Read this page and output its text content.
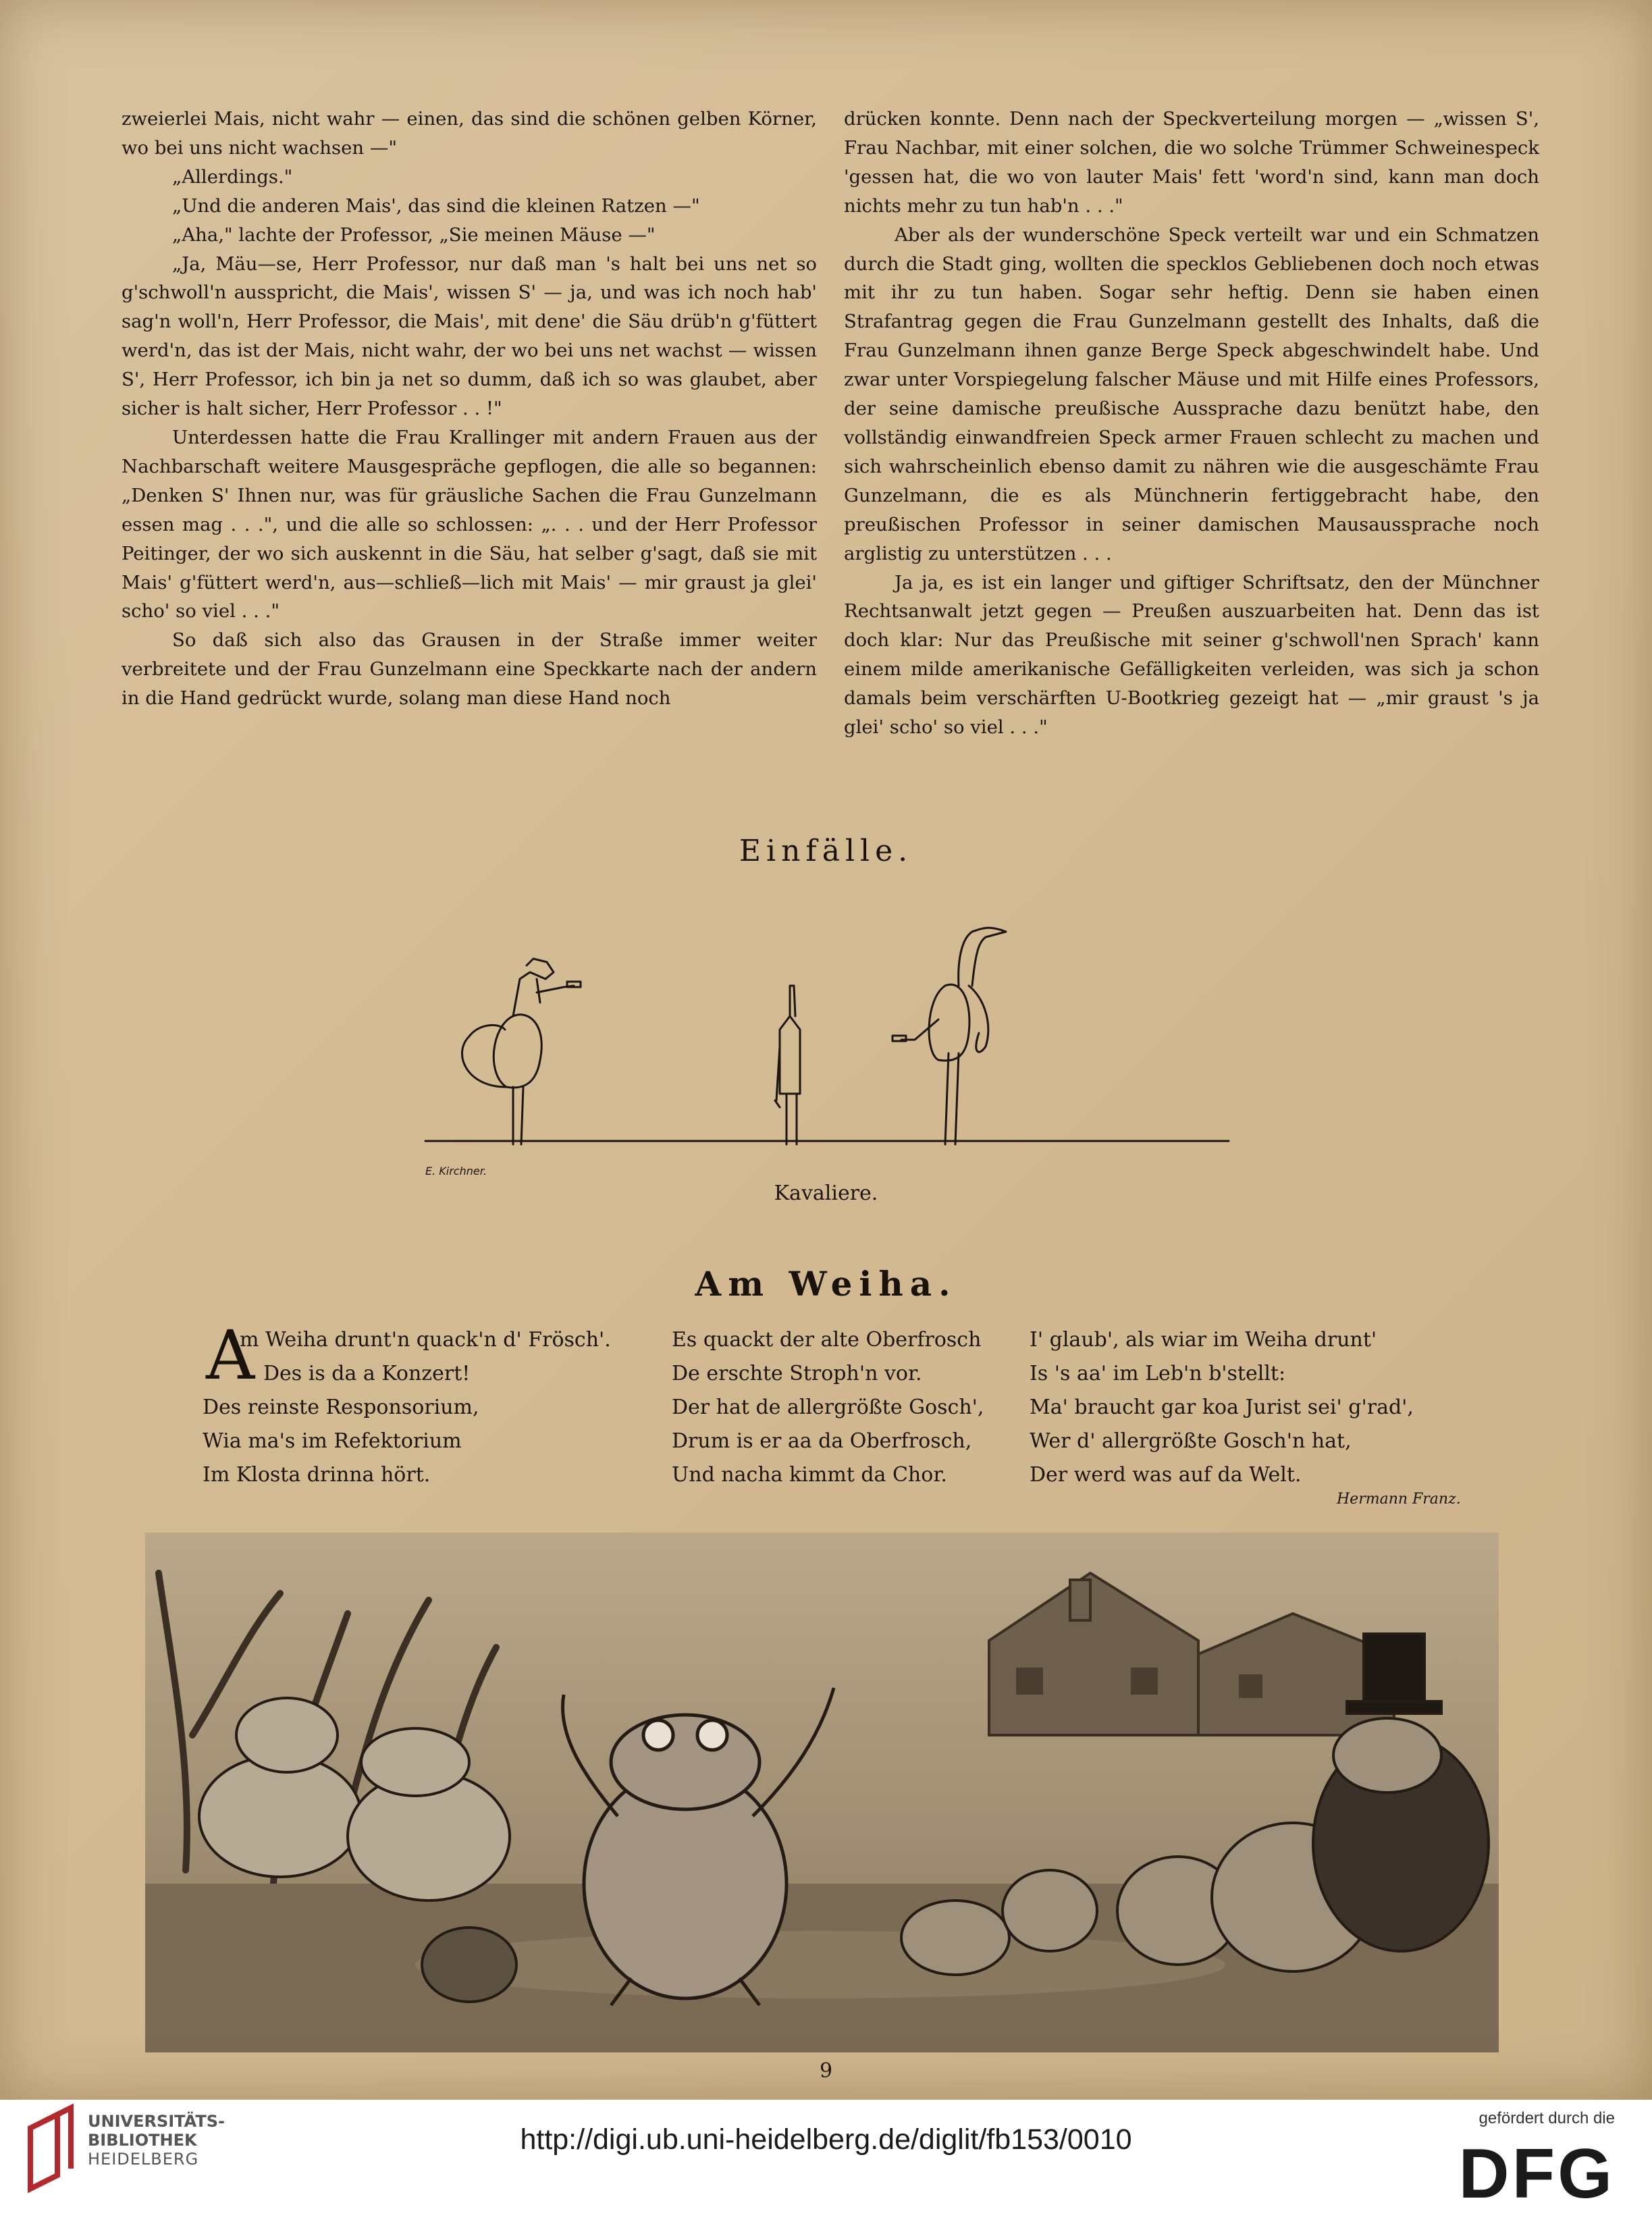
zweierlei Mais, nicht wahr — einen, das sind die schönen gelben Körner, wo bei uns nicht wachsen —"

„Allerdings."

„Und die anderen Mais', das sind die kleinen Ratzen —"

„Aha," lachte der Professor, „Sie meinen Mäuse —"

„Ja, Mäu—se, Herr Professor, nur daß man 's halt bei uns net so g'schwoll'n ausspricht, die Mais', wissen S' — ja, und was ich noch hab' sag'n woll'n, Herr Professor, die Mais', mit dene' die Säu drüb'n g'füttert werd'n, das ist der Mais, nicht wahr, der wo bei uns net wachst — wissen S', Herr Professor, ich bin ja net so dumm, daß ich so was glaubet, aber sicher is halt sicher, Herr Professor . . !"

Unterdessen hatte die Frau Krallinger mit andern Frauen aus der Nachbarschaft weitere Mausgespräche gepflogen, die alle so begannen: „Denken S' Ihnen nur, was für gräusliche Sachen die Frau Gunzelmann essen mag . . .", und die alle so schlossen: „. . . und der Herr Professor Peitinger, der wo sich auskennt in die Säu, hat selber g'sagt, daß sie mit Mais' g'füttert werd'n, aus—schließ—lich mit Mais' — mir graust ja glei' scho' so viel . . ."

So daß sich also das Grausen in der Straße immer weiter verbreitete und der Frau Gunzelmann eine Speckkarte nach der andern in die Hand gedrückt wurde, solang man diese Hand noch

drücken konnte. Denn nach der Speckverteilung morgen — „wissen S', Frau Nachbar, mit einer solchen, die wo solche Trümmer Schweinespeck 'gessen hat, die wo von lauter Mais' fett 'word'n sind, kann man doch nichts mehr zu tun hab'n . . ."

Aber als der wunderschöne Speck verteilt war und ein Schmatzen durch die Stadt ging, wollten die specklos Gebliebenen doch noch etwas mit ihr zu tun haben. Sogar sehr heftig. Denn sie haben einen Strafantrag gegen die Frau Gunzelmann gestellt des Inhalts, daß die Frau Gunzelmann ihnen ganze Berge Speck abgeschwindelt habe. Und zwar unter Vorspiegelung falscher Mäuse und mit Hilfe eines Professors, der seine damische preußische Aussprache dazu benützt habe, den vollständig einwandfreien Speck armer Frauen schlecht zu machen und sich wahrscheinlich ebenso damit zu nähren wie die ausgeschämte Frau Gunzelmann, die es als Münchnerin fertiggebracht habe, den preußischen Professor in seiner damischen Mausaussprache noch arglistig zu unterstützen . . .

Ja ja, es ist ein langer und giftiger Schriftsatz, den der Münchner Rechtsanwalt jetzt gegen — Preußen auszuarbeiten hat. Denn das ist doch klar: Nur das Preußische mit seiner g'schwoll'nen Sprach' kann einem milde amerikanische Gefälligkeiten verleiden, was sich ja schon damals beim verschärften U-Bootkrieg gezeigt hat — „mir graust 's ja glei' scho' so viel . . ."

Einfälle.
E. Kirchner.
Kavaliere.
Am Weiha.
A
m Weiha drunt'n quack'n d' Frösch'.
Des is da a Konzert!
Des reinste Responsorium,
Wia ma's im Refektorium
Im Klosta drinna hört.
Es quackt der alte Oberfrosch
De erschte Stroph'n vor.
Der hat de allergrößte Gosch',
Drum is er aa da Oberfrosch,
Und nacha kimmt da Chor.
I' glaub', als wiar im Weiha drunt'
Is 's aa' im Leb'n b'stellt:
Ma' braucht gar koa Jurist sei' g'rad',
Wer d' allergrößte Gosch'n hat,
Der werd was auf da Welt.
Hermann Franz.
9
UNIVERSITÄTS-
BIBLIOTHEK
HEIDELBERG
http://digi.ub.uni-heidelberg.de/diglit/fb153/0010
gefördert durch die
DFG
